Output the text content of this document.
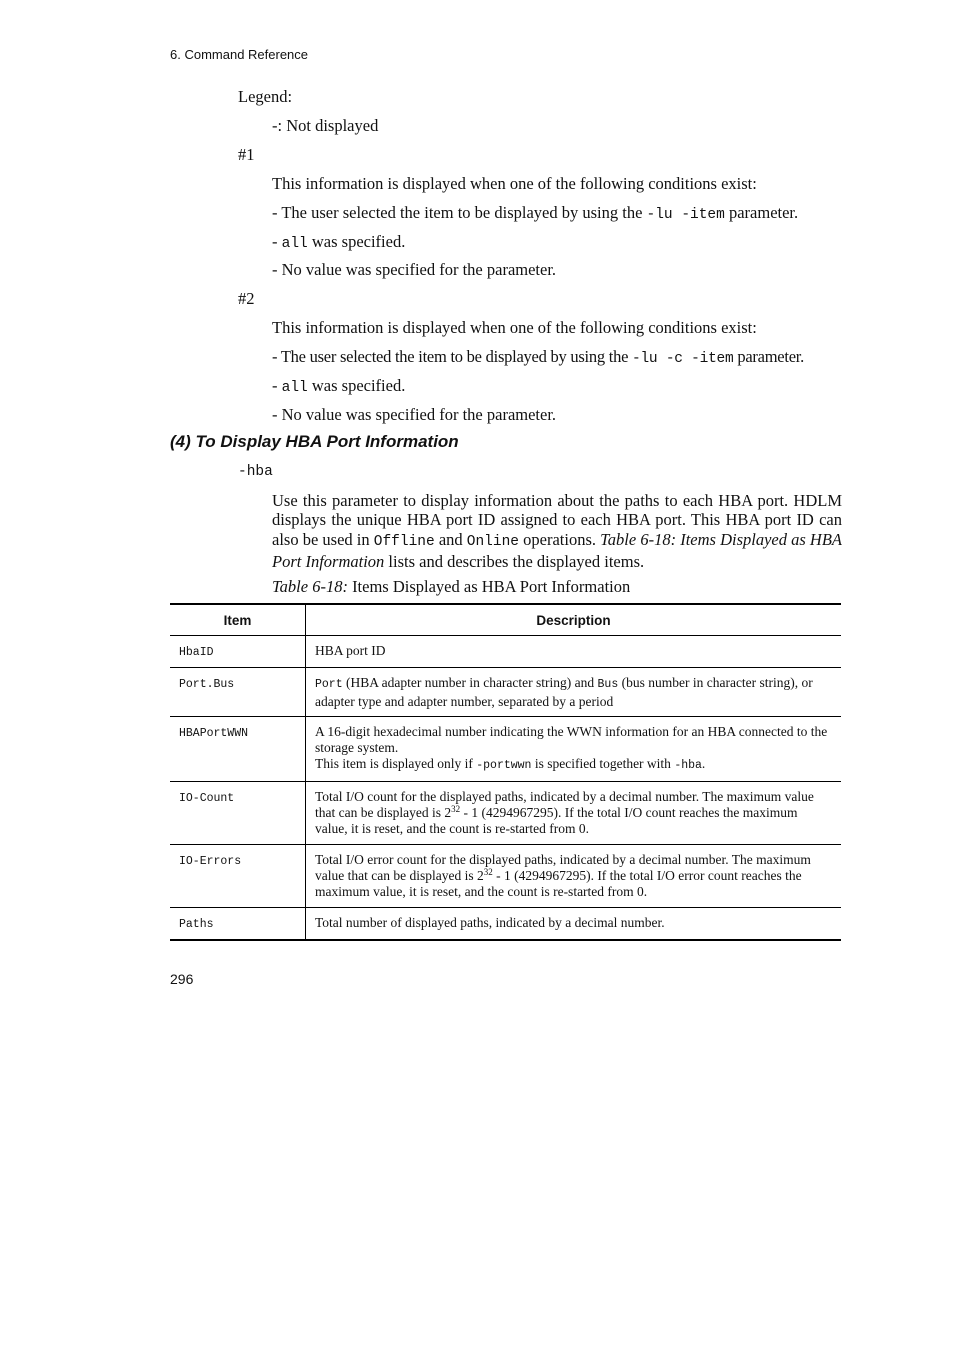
6. Command Reference
Legend:
-: Not displayed
#1
This information is displayed when one of the following conditions exist:
- The user selected the item to be displayed by using the -lu -item parameter.
- all was specified.
- No value was specified for the parameter.
#2
This information is displayed when one of the following conditions exist:
- The user selected the item to be displayed by using the -lu -c -item parameter.
- all was specified.
- No value was specified for the parameter.
(4) To Display HBA Port Information
-hba
Use this parameter to display information about the paths to each HBA port. HDLM displays the unique HBA port ID assigned to each HBA port. This HBA port ID can also be used in Offline and Online operations. Table 6-18: Items Displayed as HBA Port Information lists and describes the displayed items.
Table 6-18: Items Displayed as HBA Port Information
Item	Description
HbaID	HBA port ID
Port.Bus	Port (HBA adapter number in character string) and Bus (bus number in character string), or adapter type and adapter number, separated by a period
HBAPortWWN	A 16-digit hexadecimal number indicating the WWN information for an HBA connected to the storage system.
This item is displayed only if -portwwn is specified together with -hba.

IO-Count	Total I/O count for the displayed paths, indicated by a decimal number. The maximum value that can be displayed is $2^{32} - 1$ (4294967295). If the total I/O count reaches the maximum value, it is reset, and the count is re-started from 0.
IO-Errors	Total I/O error count for the displayed paths, indicated by a decimal number. The maximum value that can be displayed is $2^{32} - 1$ (4294967295). If the total I/O error count reaches the maximum value, it is reset, and the count is re-started from 0.
Paths	Total number of displayed paths, indicated by a decimal number.
296
